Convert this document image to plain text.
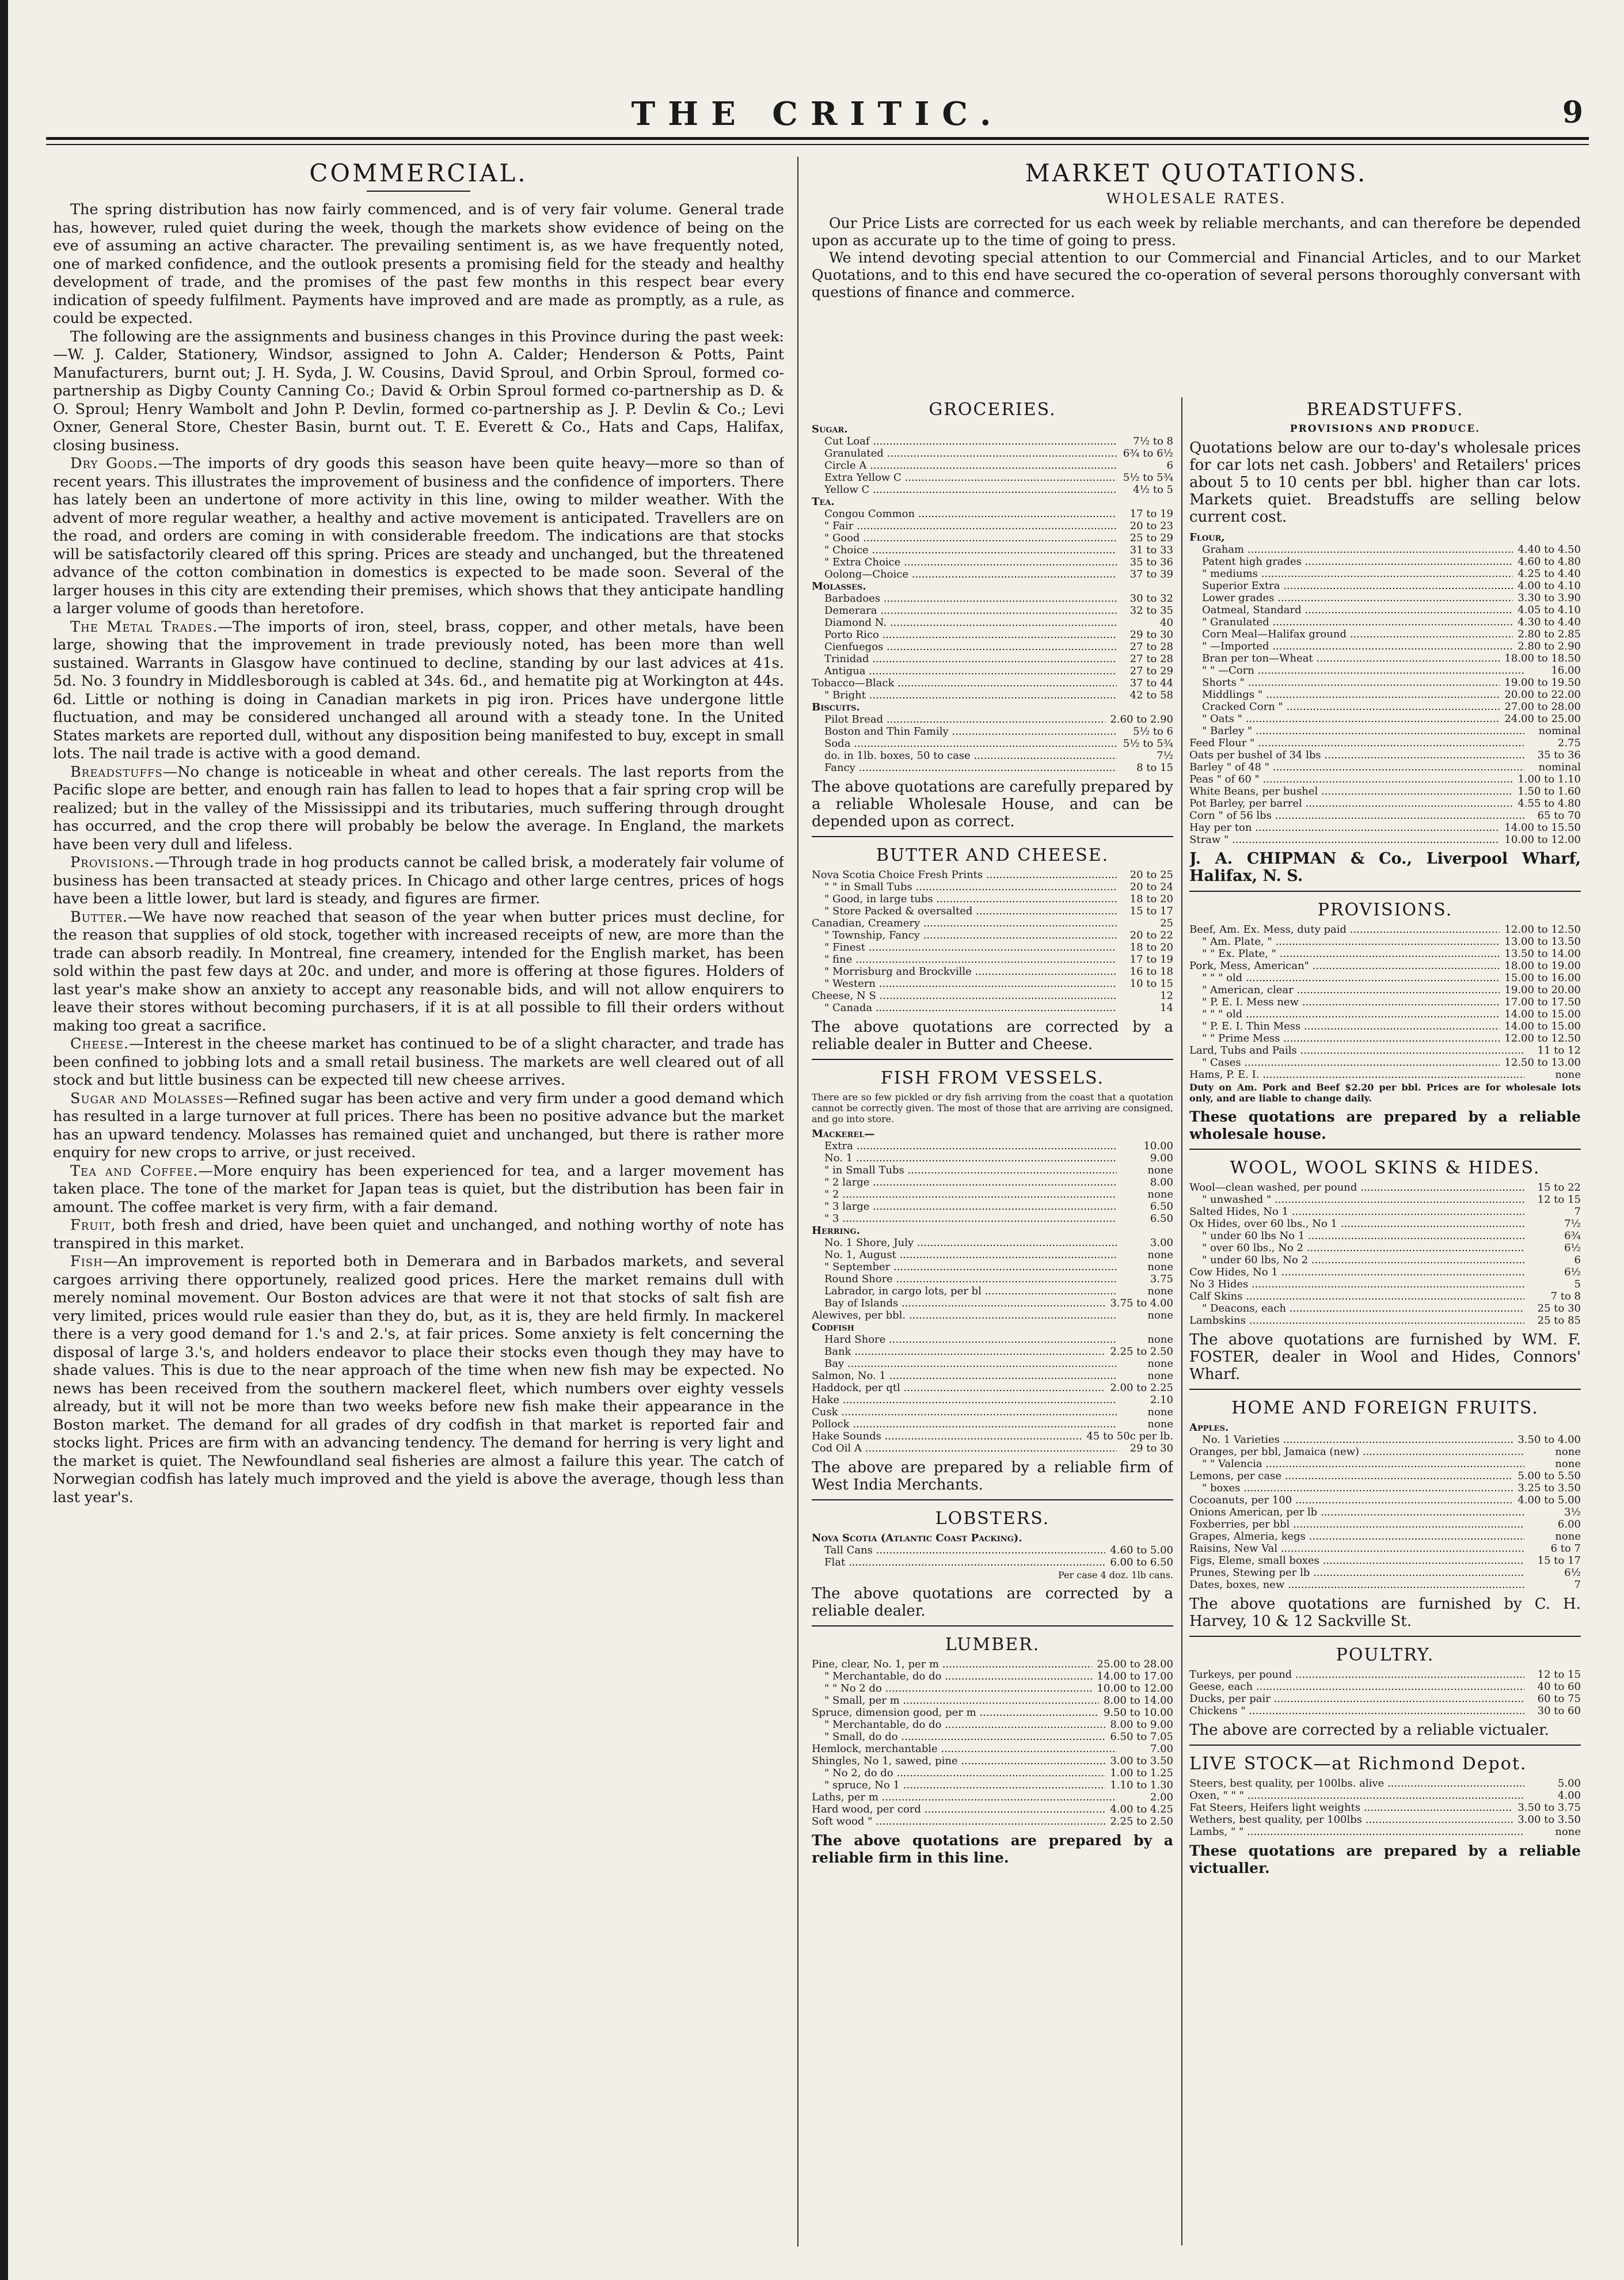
THE CRITIC.	9
COMMERCIAL.

The spring distribution has now fairly commenced, and is of very fair volume. General trade has, however, ruled quiet during the week, though the markets show evidence of being on the eve of assuming an active character. The prevailing sentiment is, as we have frequently noted, one of marked confidence, and the outlook presents a promising field for the steady and healthy development of trade, and the promises of the past few months in this respect bear every indication of speedy fulfilment. Payments have improved and are made as promptly, as a rule, as could be expected.

The following are the assignments and business changes in this Province during the past week:—W. J. Calder, Stationery, Windsor, assigned to John A. Calder; Henderson & Potts, Paint Manufacturers, burnt out; J. H. Syda, J. W. Cousins, David Sproul, and Orbin Sproul, formed co-partnership as Digby County Canning Co.; David & Orbin Sproul formed co-partnership as D. & O. Sproul; Henry Wambolt and John P. Devlin, formed co-partnership as J. P. Devlin & Co.; Levi Oxner, General Store, Chester Basin, burnt out. T. E. Everett & Co., Hats and Caps, Halifax, closing business.

Dry Goods.—The imports of dry goods this season have been quite heavy—more so than of recent years. This illustrates the improvement of business and the confidence of importers. There has lately been an undertone of more activity in this line, owing to milder weather. With the advent of more regular weather, a healthy and active movement is anticipated. Travellers are on the road, and orders are coming in with considerable freedom. The indications are that stocks will be satisfactorily cleared off this spring. Prices are steady and unchanged, but the threatened advance of the cotton combination in domestics is expected to be made soon. Several of the larger houses in this city are extending their premises, which shows that they anticipate handling a larger volume of goods than heretofore.

The Metal Trades.—The imports of iron, steel, brass, copper, and other metals, have been large, showing that the improvement in trade previously noted, has been more than well sustained. Warrants in Glasgow have continued to decline, standing by our last advices at 41s. 5d. No. 3 foundry in Middlesborough is cabled at 34s. 6d., and hematite pig at Workington at 44s. 6d. Little or nothing is doing in Canadian markets in pig iron. Prices have undergone little fluctuation, and may be considered unchanged all around with a steady tone. In the United States markets are reported dull, without any disposition being manifested to buy, except in small lots. The nail trade is active with a good demand.

Breadstuffs—No change is noticeable in wheat and other cereals. The last reports from the Pacific slope are better, and enough rain has fallen to lead to hopes that a fair spring crop will be realized; but in the valley of the Mississippi and its tributaries, much suffering through drought has occurred, and the crop there will probably be below the average. In England, the markets have been very dull and lifeless.

Provisions.—Through trade in hog products cannot be called brisk, a moderately fair volume of business has been transacted at steady prices. In Chicago and other large centres, prices of hogs have been a little lower, but lard is steady, and figures are firmer.

Butter.—We have now reached that season of the year when butter prices must decline, for the reason that supplies of old stock, together with increased receipts of new, are more than the trade can absorb readily. In Montreal, fine creamery, intended for the English market, has been sold within the past few days at 20c. and under, and more is offering at those figures. Holders of last year's make show an anxiety to accept any reasonable bids, and will not allow enquirers to leave their stores without becoming purchasers, if it is at all possible to fill their orders without making too great a sacrifice.

Cheese.—Interest in the cheese market has continued to be of a slight character, and trade has been confined to jobbing lots and a small retail business. The markets are well cleared out of all stock and but little business can be expected till new cheese arrives.

Sugar and Molasses—Refined sugar has been active and very firm under a good demand which has resulted in a large turnover at full prices. There has been no positive advance but the market has an upward tendency. Molasses has remained quiet and unchanged, but there is rather more enquiry for new crops to arrive, or just received.

Tea and Coffee.—More enquiry has been experienced for tea, and a larger movement has taken place. The tone of the market for Japan teas is quiet, but the distribution has been fair in amount. The coffee market is very firm, with a fair demand.

Fruit, both fresh and dried, have been quiet and unchanged, and nothing worthy of note has transpired in this market.

Fish—An improvement is reported both in Demerara and in Barbados markets, and several cargoes arriving there opportunely, realized good prices. Here the market remains dull with merely nominal movement. Our Boston advices are that were it not that stocks of salt fish are very limited, prices would rule easier than they do, but, as it is, they are held firmly. In mackerel there is a very good demand for 1.'s and 2.'s, at fair prices. Some anxiety is felt concerning the disposal of large 3.'s, and holders endeavor to place their stocks even though they may have to shade values. This is due to the near approach of the time when new fish may be expected. No news has been received from the southern mackerel fleet, which numbers over eighty vessels already, but it will not be more than two weeks before new fish make their appearance in the Boston market. The demand for all grades of dry codfish in that market is reported fair and stocks light. Prices are firm with an advancing tendency. The demand for herring is very light and the market is quiet. The Newfoundland seal fisheries are almost a failure this year. The catch of Norwegian codfish has lately much improved and the yield is above the average, though less than last year's.

MARKET QUOTATIONS.
WHOLESALE RATES.

Our Price Lists are corrected for us each week by reliable merchants, and can therefore be depended upon as accurate up to the time of going to press.

We intend devoting special attention to our Commercial and Financial Articles, and to our Market Quotations, and to this end have secured the co-operation of several persons thoroughly conversant with questions of finance and commerce.

GROCERIES.
Sugar.
Cut Loaf .....	7½ to 8
Granulated .....	6¾ to 6½
Circle A .....	6
Extra Yellow C .....	5½ to 5¾
Yellow C .....	4½ to 5
Tea.
Congou Common .....	17 to 19
" Fair .....	20 to 23
" Good .....	25 to 29
" Choice .....	31 to 33
" Extra Choice .....	35 to 36
Oolong—Choice .....	37 to 39
Molasses.
Barbadoes .....	30 to 32
Demerara .....	32 to 35
Diamond N. .....	40
Porto Rico .....	29 to 30
Cienfuegos .....	27 to 28
Trinidad .....	27 to 28
Antigua .....	27 to 29
Tobacco—Black .....	37 to 44
" Bright .....	42 to 58
Biscuits.
Pilot Bread .....	2.60 to 2.90
Boston and Thin Family .....	5½ to 6
Soda .....	5½ to 5¾
do. in 1lb. boxes, 50 to case .....	7½
Fancy .....	8 to 15

The above quotations are carefully prepared by a reliable Wholesale House, and can be depended upon as correct.

BUTTER AND CHEESE.
Nova Scotia Choice Fresh Prints .....	20 to 25
" " in Small Tubs .....	20 to 24
" Good, in large tubs .....	18 to 20
" Store Packed & oversalted .....	15 to 17
Canadian, Creamery .....	25
" Township, Fancy .....	20 to 22
" Finest .....	18 to 20
" fine .....	17 to 19
" Morrisburg and Brockville .....	16 to 18
" Western .....	10 to 15
Cheese, N S .....	12
" Canada .....	14

The above quotations are corrected by a reliable dealer in Butter and Cheese.

FISH FROM VESSELS.

There are so few pickled or dry fish arriving from the coast that a quotation cannot be correctly given. The most of those that are arriving are consigned, and go into store.

Mackerel—
Extra .....	10.00
No. 1 .....	9.00
" in Small Tubs .....	none
" 2 large .....	8.00
" 2 .....	none
" 3 large .....	6.50
" 3 .....	6.50
Herring.
No. 1 Shore, July .....	3.00
No. 1, August .....	none
" September .....	none
Round Shore .....	3.75
Labrador, in cargo lots, per bl .....	none
Bay of Islands .....	3.75 to 4.00
Alewives, per bbl. .....	none
Codfish
Hard Shore .....	none
Bank .....	2.25 to 2.50
Bay .....	none
Salmon, No. 1 .....	none
Haddock, per qtl .....	2.00 to 2.25
Hake .....	2.10
Cusk .....	none
Pollock .....	none
Hake Sounds .....	45 to 50c per lb.
Cod Oil A .....	29 to 30

The above are prepared by a reliable firm of West India Merchants.

LOBSTERS.
Nova Scotia (Atlantic Coast Packing).
Tall Cans .....	4.60 to 5.00
Flat .....	6.00 to 6.50

Per case 4 doz. 1lb cans.

The above quotations are corrected by a reliable dealer.

LUMBER.
Pine, clear, No. 1, per m .....	25.00 to 28.00
" Merchantable, do do .....	14.00 to 17.00
" " No 2 do .....	10.00 to 12.00
" Small, per m .....	8.00 to 14.00
Spruce, dimension good, per m .....	9.50 to 10.00
" Merchantable, do do .....	8.00 to 9.00
" Small, do do .....	6.50 to 7.05
Hemlock, merchantable .....	7.00
Shingles, No 1, sawed, pine .....	3.00 to 3.50
" No 2, do do .....	1.00 to 1.25
" spruce, No 1 .....	1.10 to 1.30
Laths, per m .....	2.00
Hard wood, per cord .....	4.00 to 4.25
Soft wood " .....	2.25 to 2.50

The above quotations are prepared by a reliable firm in this line.

BREADSTUFFS.
PROVISIONS AND PRODUCE.

Quotations below are our to-day's wholesale prices for car lots net cash. Jobbers' and Retailers' prices about 5 to 10 cents per bbl. higher than car lots. Markets quiet. Breadstuffs are selling below current cost.

Flour,
Graham .....	4.40 to 4.50
Patent high grades .....	4.60 to 4.80
" mediums .....	4.25 to 4.40
Superior Extra .....	4.00 to 4.10
Lower grades .....	3.30 to 3.90
Oatmeal, Standard .....	4.05 to 4.10
" Granulated .....	4.30 to 4.40
Corn Meal—Halifax ground .....	2.80 to 2.85
" —Imported .....	2.80 to 2.90
Bran per ton—Wheat .....	18.00 to 18.50
" " —Corn .....	16.00
Shorts " .....	19.00 to 19.50
Middlings " .....	20.00 to 22.00
Cracked Corn " .....	27.00 to 28.00
" Oats " .....	24.00 to 25.00
" Barley " .....	nominal
Feed Flour " .....	2.75
Oats per bushel of 34 lbs .....	35 to 36
Barley " of 48 " .....	nominal
Peas " of 60 " .....	1.00 to 1.10
White Beans, per bushel .....	1.50 to 1.60
Pot Barley, per barrel .....	4.55 to 4.80
Corn " of 56 lbs .....	65 to 70
Hay per ton .....	14.00 to 15.50
Straw " .....	10.00 to 12.00

J. A. CHIPMAN & Co., Liverpool Wharf, Halifax, N. S.

PROVISIONS.
Beef, Am. Ex. Mess, duty paid .....	12.00 to 12.50
" Am. Plate, " .....	13.00 to 13.50
" " Ex. Plate, " .....	13.50 to 14.00
Pork, Mess, American" .....	18.00 to 19.00
" " " old .....	15.00 to 16.00
" American, clear .....	19.00 to 20.00
" P. E. I. Mess new .....	17.00 to 17.50
" " " old .....	14.00 to 15.00
" P. E. I. Thin Mess .....	14.00 to 15.00
" " Prime Mess .....	12.00 to 12.50
Lard, Tubs and Pails .....	11 to 12
" Cases .....	12.50 to 13.00
Hams, P. E. I. .....	none

Duty on Am. Pork and Beef $2.20 per bbl. Prices are for wholesale lots only, and are liable to change daily.

These quotations are prepared by a reliable wholesale house.

WOOL, WOOL SKINS & HIDES.
Wool—clean washed, per pound .....	15 to 22
" unwashed " .....	12 to 15
Salted Hides, No 1 .....	7
Ox Hides, over 60 lbs., No 1 .....	7½
" under 60 lbs No 1 .....	6¾
" over 60 lbs., No 2 .....	6½
" under 60 lbs, No 2 .....	6
Cow Hides, No 1 .....	6½
No 3 Hides .....	5
Calf Skins .....	7 to 8
" Deacons, each .....	25 to 30
Lambskins .....	25 to 85

The above quotations are furnished by WM. F. FOSTER, dealer in Wool and Hides, Connors' Wharf.

HOME AND FOREIGN FRUITS.
Apples.
No. 1 Varieties .....	3.50 to 4.00
Oranges, per bbl, Jamaica (new) .....	none
" " Valencia .....	none
Lemons, per case .....	5.00 to 5.50
" boxes .....	3.25 to 3.50
Cocoanuts, per 100 .....	4.00 to 5.00
Onions American, per lb .....	3½
Foxberries, per bbl .....	6.00
Grapes, Almeria, kegs .....	none
Raisins, New Val .....	6 to 7
Figs, Eleme, small boxes .....	15 to 17
Prunes, Stewing per lb .....	6½
Dates, boxes, new .....	7

The above quotations are furnished by C. H. Harvey, 10 & 12 Sackville St.

POULTRY.
Turkeys, per pound .....	12 to 15
Geese, each .....	40 to 60
Ducks, per pair .....	60 to 75
Chickens " .....	30 to 60

The above are corrected by a reliable victualer.

LIVE STOCK—at Richmond Depot.
Steers, best quality, per 100lbs. alive .....	5.00
Oxen, " " " .....	4.00
Fat Steers, Heifers light weights .....	3.50 to 3.75
Wethers, best quality, per 100lbs .....	3.00 to 3.50
Lambs, " " .....	none

These quotations are prepared by a reliable victualler.
